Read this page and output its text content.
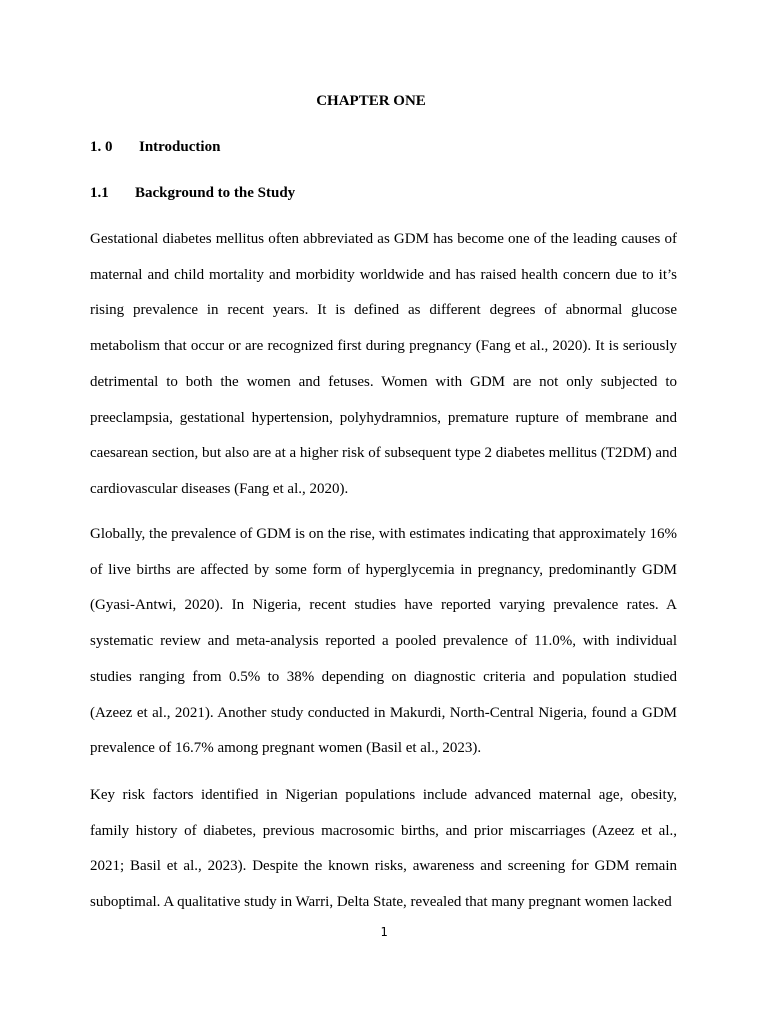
CHAPTER ONE
1. 0 Introduction
1.1 Background to the Study

Gestational diabetes mellitus often abbreviated as GDM has become one of the leading causes of maternal and child mortality and morbidity worldwide and has raised health concern due to it’s rising prevalence in recent years. It is defined as different degrees of abnormal glucose metabolism that occur or are recognized first during pregnancy (Fang et al., 2020). It is seriously detrimental to both the women and fetuses. Women with GDM are not only subjected to preeclampsia, gestational hypertension, polyhydramnios, premature rupture of membrane and caesarean section, but also are at a higher risk of subsequent type 2 diabetes mellitus (T2DM) and cardiovascular diseases (Fang et al., 2020).

Globally, the prevalence of GDM is on the rise, with estimates indicating that approximately 16% of live births are affected by some form of hyperglycemia in pregnancy, predominantly GDM (Gyasi-Antwi, 2020). In Nigeria, recent studies have reported varying prevalence rates. A systematic review and meta-analysis reported a pooled prevalence of 11.0%, with individual studies ranging from 0.5% to 38% depending on diagnostic criteria and population studied (Azeez et al., 2021). Another study conducted in Makurdi, North-Central Nigeria, found a GDM prevalence of 16.7% among pregnant women (Basil et al., 2023).

Key risk factors identified in Nigerian populations include advanced maternal age, obesity, family history of diabetes, previous macrosomic births, and prior miscarriages (Azeez et al., 2021; Basil et al., 2023). Despite the known risks, awareness and screening for GDM remain suboptimal. A qualitative study in Warri, Delta State, revealed that many pregnant women lacked

1
